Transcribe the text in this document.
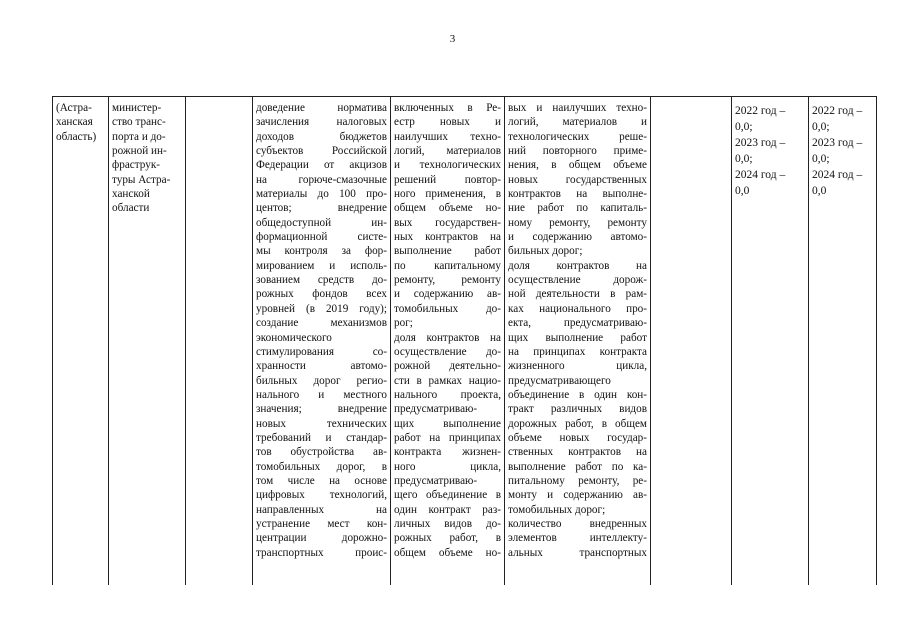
3
(Астра-
ханская
область)
министер-
ство транс-
порта и до-
рожной ин-
фраструк-
туры Астра-
ханской
области
доведение норматива
зачисления налоговых
доходов бюджетов
субъектов Российской
Федерации от акцизов
на горюче-смазочные
материалы до 100 про-
центов; внедрение
общедоступной ин-
формационной систе-
мы контроля за фор-
мированием и исполь-
зованием средств до-
рожных фондов всех
уровней (в 2019 году);
создание механизмов
экономического
стимулирования со-
хранности автомо-
бильных дорог регио-
нального и местного
значения; внедрение
новых технических
требований и стандар-
тов обустройства ав-
томобильных дорог, в
том числе на основе
цифровых технологий,
направленных на
устранение мест кон-
центрации дорожно-
транспортных проис-
включенных в Ре-
естр новых и
наилучших техно-
логий, материалов
и технологических
решений повтор-
ного применения, в
общем объеме но-
вых государствен-
ных контрактов на
выполнение работ
по капитальному
ремонту, ремонту
и содержанию ав-
томобильных до-
рог;
доля контрактов на
осуществление до-
рожной деятельно-
сти в рамках нацио-
нального проекта,
предусматриваю-
щих выполнение
работ на принципах
контракта жизнен-
ного цикла,
предусматриваю-
щего объединение в
один контракт раз-
личных видов до-
рожных работ, в
общем объеме но-
вых и наилучших техно-
логий, материалов и
технологических реше-
ний повторного приме-
нения, в общем объеме
новых государственных
контрактов на выполне-
ние работ по капиталь-
ному ремонту, ремонту
и содержанию автомо-
бильных дорог;
доля контрактов на
осуществление дорож-
ной деятельности в рам-
ках национального про-
екта, предусматриваю-
щих выполнение работ
на принципах контракта
жизненного цикла,
предусматривающего
объединение в один кон-
тракт различных видов
дорожных работ, в общем
объеме новых государ-
ственных контрактов на
выполнение работ по ка-
питальному ремонту, ре-
монту и содержанию ав-
томобильных дорог;
количество внедренных
элементов интеллекту-
альных транспортных
2022 год –
0,0;
2023 год –
0,0;
2024 год –
0,0
2022 год –
0,0;
2023 год –
0,0;
2024 год –
0,0
